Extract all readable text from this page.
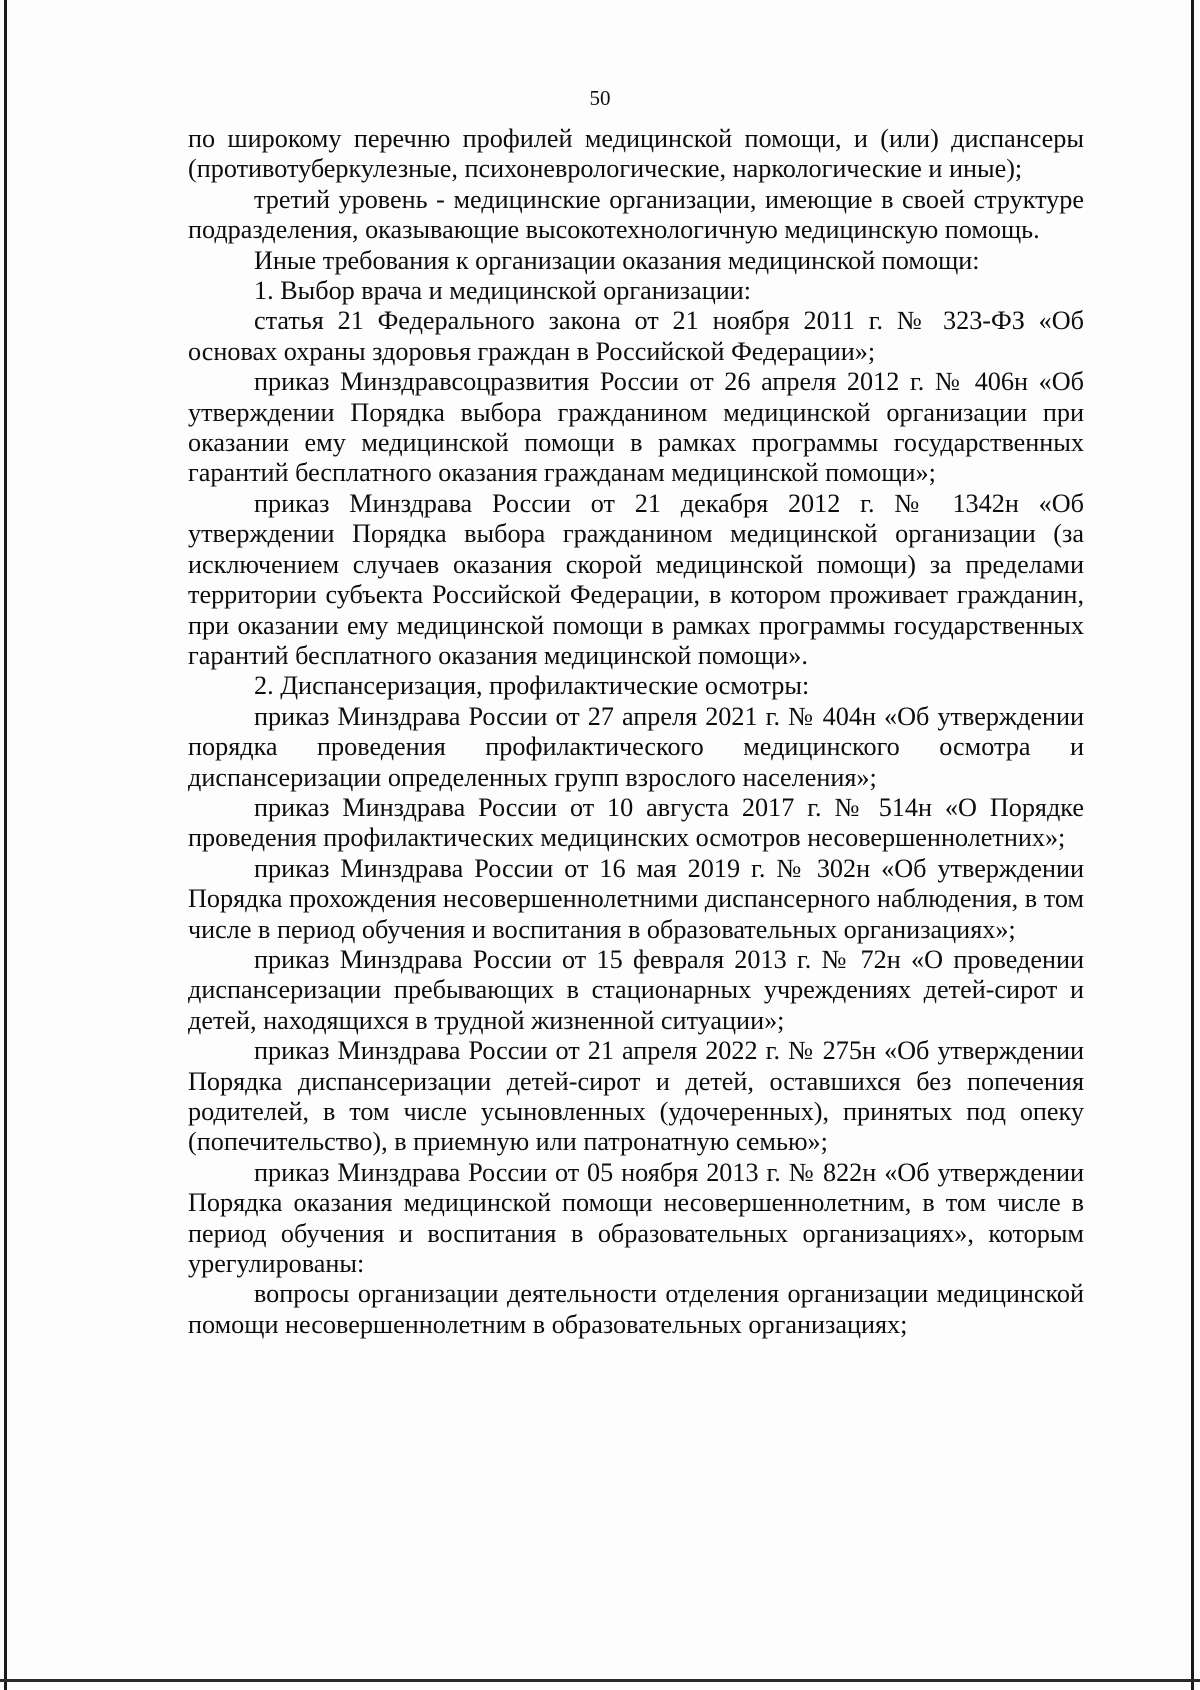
50

по широкому перечню профилей медицинской помощи, и (или) диспансеры (противотуберкулезные, психоневрологические, наркологические и иные);

третий уровень - медицинские организации, имеющие в своей структуре подразделения, оказывающие высокотехнологичную медицинскую помощь.

Иные требования к организации оказания медицинской помощи:

1. Выбор врача и медицинской организации:

статья 21 Федерального закона от 21 ноября 2011 г. № 323-ФЗ «Об основах охраны здоровья граждан в Российской Федерации»;

приказ Минздравсоцразвития России от 26 апреля 2012 г. № 406н «Об утверждении Порядка выбора гражданином медицинской организации при оказании ему медицинской помощи в рамках программы государственных гарантий бесплатного оказания гражданам медицинской помощи»;

приказ Минздрава России от 21 декабря 2012 г. № 1342н «Об утверждении Порядка выбора гражданином медицинской организации (за исключением случаев оказания скорой медицинской помощи) за пределами территории субъекта Российской Федерации, в котором проживает гражданин, при оказании ему медицинской помощи в рамках программы государственных гарантий бесплатного оказания медицинской помощи».

2. Диспансеризация, профилактические осмотры:

приказ Минздрава России от 27 апреля 2021 г. № 404н «Об утверждении порядка проведения профилактического медицинского осмотра и диспансеризации определенных групп взрослого населения»;

приказ Минздрава России от 10 августа 2017 г. № 514н «О Порядке проведения профилактических медицинских осмотров несовершеннолетних»;

приказ Минздрава России от 16 мая 2019 г. № 302н «Об утверждении Порядка прохождения несовершеннолетними диспансерного наблюдения, в том числе в период обучения и воспитания в образовательных организациях»;

приказ Минздрава России от 15 февраля 2013 г. № 72н «О проведении диспансеризации пребывающих в стационарных учреждениях детей-сирот и детей, находящихся в трудной жизненной ситуации»;

приказ Минздрава России от 21 апреля 2022 г. № 275н «Об утверждении Порядка диспансеризации детей-сирот и детей, оставшихся без попечения родителей, в том числе усыновленных (удочеренных), принятых под опеку (попечительство), в приемную или патронатную семью»;

приказ Минздрава России от 05 ноября 2013 г. № 822н «Об утверждении Порядка оказания медицинской помощи несовершеннолетним, в том числе в период обучения и воспитания в образовательных организациях», которым урегулированы:

вопросы организации деятельности отделения организации медицинской помощи несовершеннолетним в образовательных организациях;
